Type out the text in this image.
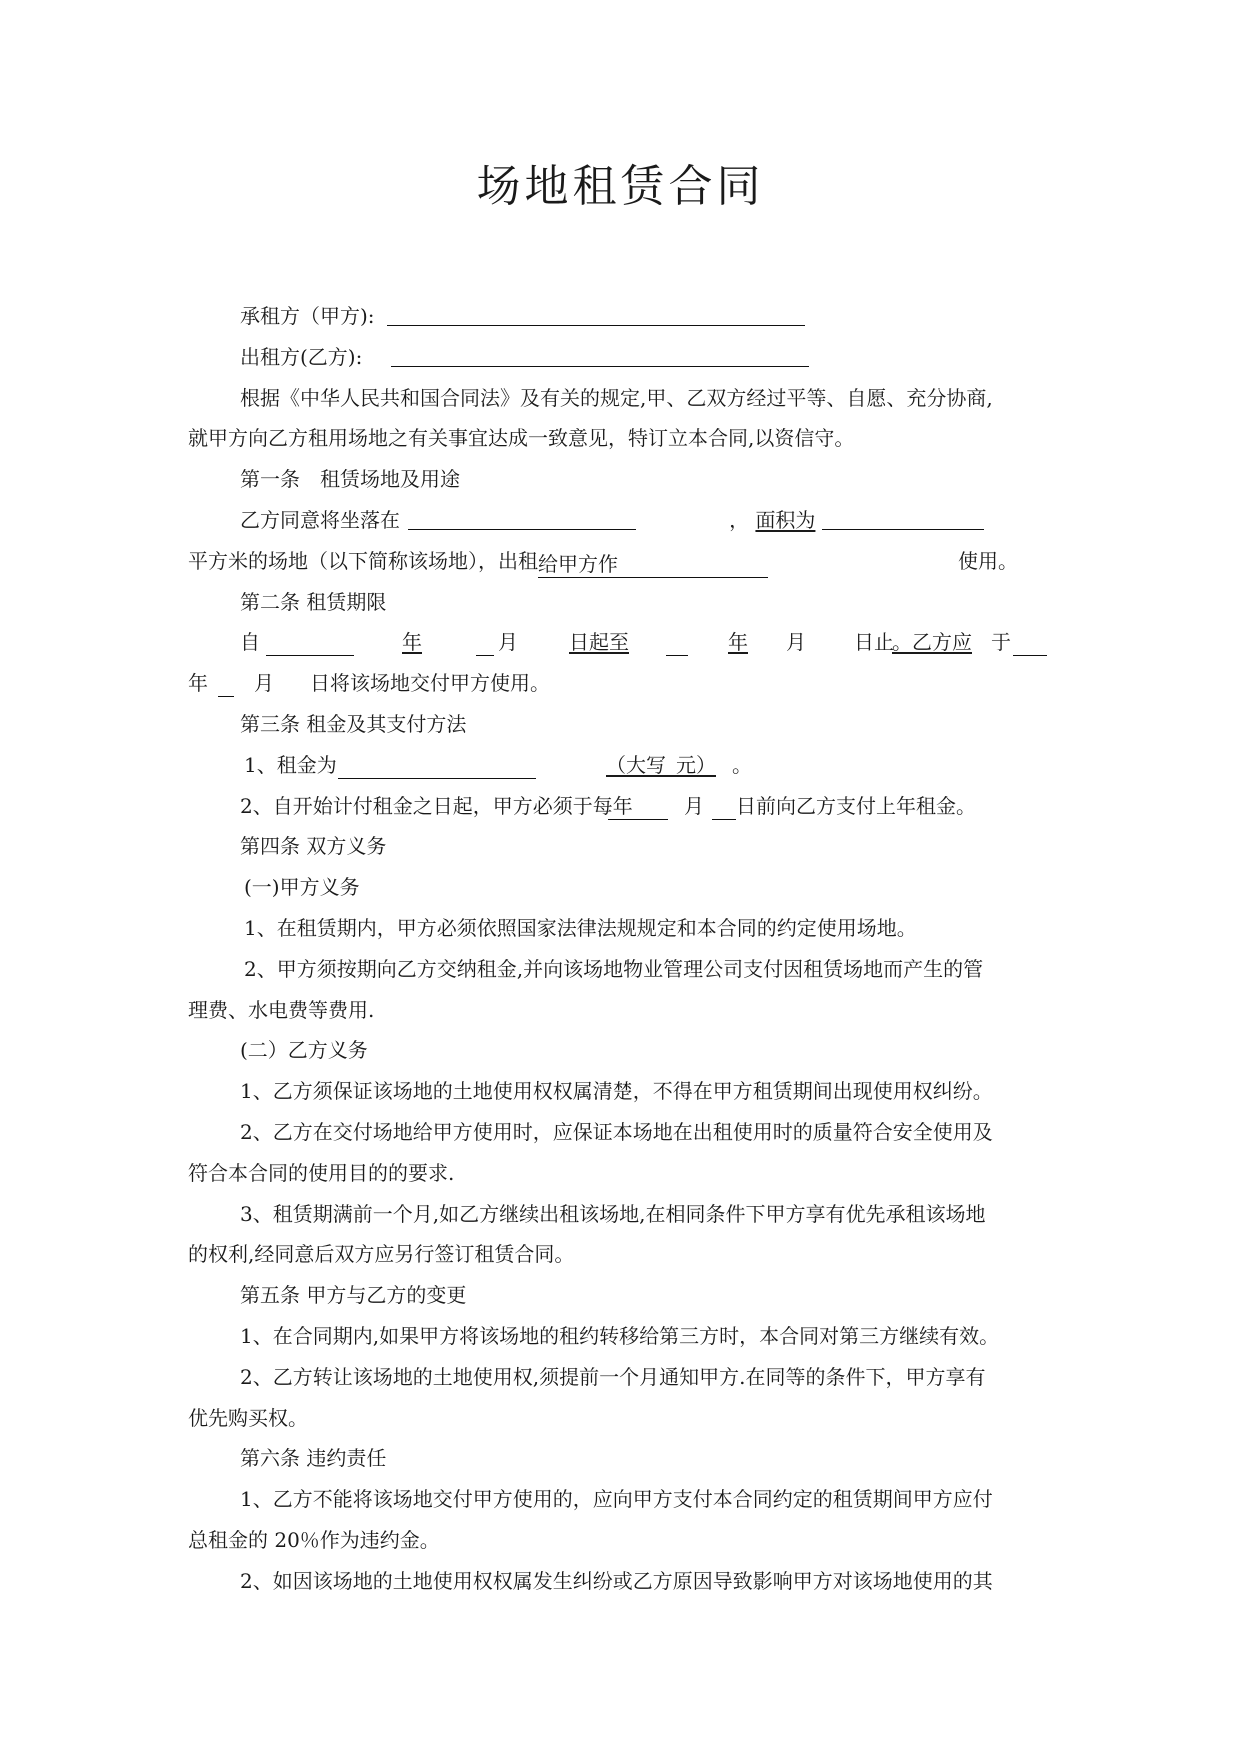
场地租赁合同
承租方（甲方):
出租方(乙方):
根据《中华人民共和国合同法》及有关的规定,甲、乙双方经过平等、自愿、充分协商,
就甲方向乙方租用场地之有关事宜达成一致意见，特订立本合同,以资信守。
第一条　租赁场地及用途
乙方同意将坐落在	， 面积为
平方米的场地（以下简称该场地），出租给甲方作	使用。
第二条 租赁期限
自	年	月	日起至	年 月 日止
。乙方应 于
年 月 日将该场地交付甲方使用。
第三条 租金及其支付方法
1、租金为	（大写  元） 。
2、自开始计付租金之日起，甲方必须于每年	月 日前向乙方支付上年租金。
第四条 双方义务
(一)甲方义务
1、在租赁期内，甲方必须依照国家法律法规规定和本合同的约定使用场地。
2、甲方须按期向乙方交纳租金,并向该场地物业管理公司支付因租赁场地而产生的管
理费、水电费等费用.
(二）乙方义务
1、乙方须保证该场地的土地使用权权属清楚，不得在甲方租赁期间出现使用权纠纷。
2、乙方在交付场地给甲方使用时，应保证本场地在出租使用时的质量符合安全使用及
符合本合同的使用目的的要求.
3、租赁期满前一个月,如乙方继续出租该场地,在相同条件下甲方享有优先承租该场地
的权利,经同意后双方应另行签订租赁合同。
第五条 甲方与乙方的变更
1、在合同期内,如果甲方将该场地的租约转移给第三方时，本合同对第三方继续有效。
2、乙方转让该场地的土地使用权,须提前一个月通知甲方.在同等的条件下，甲方享有
优先购买权。
第六条 违约责任
1、乙方不能将该场地交付甲方使用的，应向甲方支付本合同约定的租赁期间甲方应付
总租金的 20％作为违约金。
2、如因该场地的土地使用权权属发生纠纷或乙方原因导致影响甲方对该场地使用的其
